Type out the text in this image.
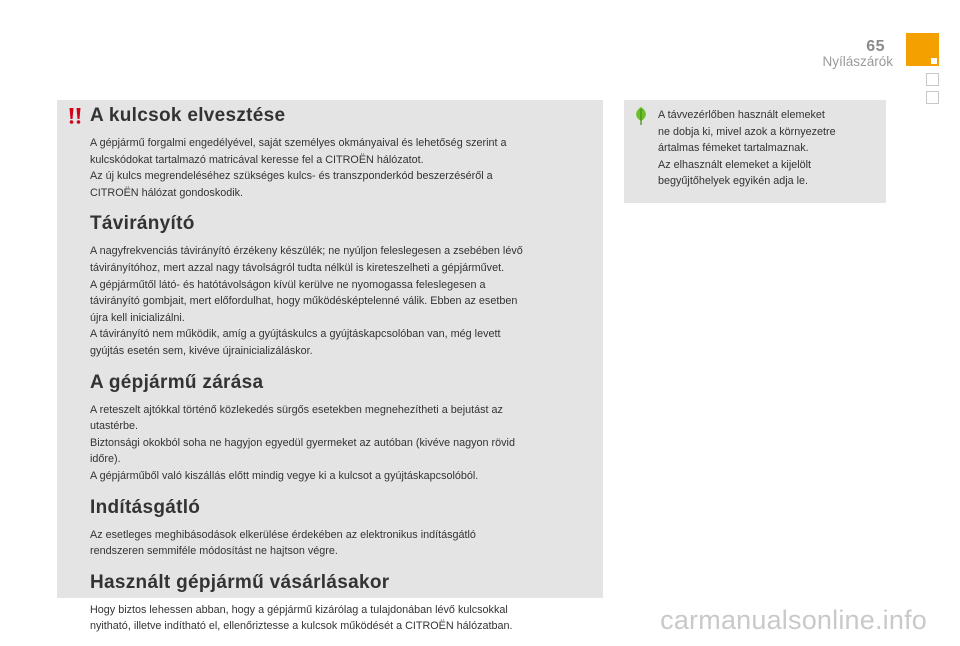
65
Nyílászárók
A kulcsok elvesztése

A gépjármű forgalmi engedélyével, saját személyes okmányaival és lehetőség szerint a
kulcskódokat tartalmazó matricával keresse fel a CITROËN hálózatot.
Az új kulcs megrendeléséhez szükséges kulcs- és transzponderkód beszerzéséről a
CITROËN hálózat gondoskodik.

Távirányító

A nagyfrekvenciás távirányító érzékeny készülék; ne nyúljon feleslegesen a zsebében lévő
távirányítóhoz, mert azzal nagy távolságról tudta nélkül is kireteszelheti a gépjárművet.
A gépjárműtől látó- és hatótávolságon kívül kerülve ne nyomogassa feleslegesen a
távirányító gombjait, mert előfordulhat, hogy működésképtelenné válik. Ebben az esetben
újra kell inicializálni.
A távirányító nem működik, amíg a gyújtáskulcs a gyújtáskapcsolóban van, még levett
gyújtás esetén sem, kivéve újrainicializáláskor.

A gépjármű zárása

A reteszelt ajtókkal történő közlekedés sürgős esetekben megnehezítheti a bejutást az
utastérbe.
Biztonsági okokból soha ne hagyjon egyedül gyermeket az autóban (kivéve nagyon rövid
időre).
A gépjárműből való kiszállás előtt mindig vegye ki a kulcsot a gyújtáskapcsolóból.

Indításgátló

Az esetleges meghibásodások elkerülése érdekében az elektronikus indításgátló
rendszeren semmiféle módosítást ne hajtson végre.

Használt gépjármű vásárlásakor

Hogy biztos lehessen abban, hogy a gépjármű kizárólag a tulajdonában lévő kulcsokkal
nyitható, illetve indítható el, ellenőriztesse a kulcsok működését a CITROËN hálózatban.

A távvezérlőben használt elemeket
ne dobja ki, mivel azok a környezetre
ártalmas fémeket tartalmaznak.
Az elhasznált elemeket a kijelölt
begyűjtőhelyek egyikén adja le.

carmanualsonline.info
